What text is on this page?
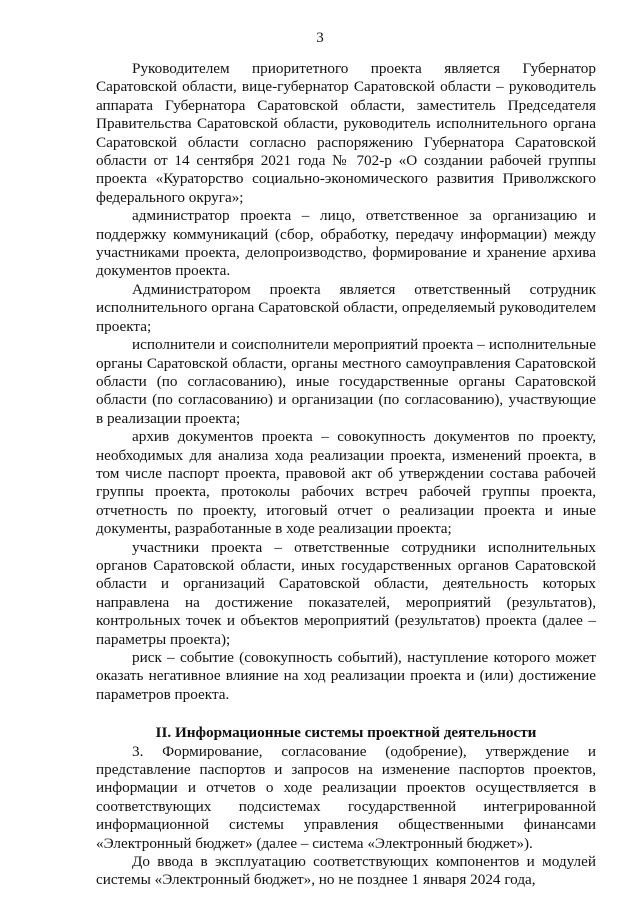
3

Руководителем приоритетного проекта является Губернатор Саратовской области, вице-губернатор Саратовской области – руководитель аппарата Губернатора Саратовской области, заместитель Председателя Правительства Саратовской области, руководитель исполнительного органа Саратовской области согласно распоряжению Губернатора Саратовской области от 14 сентября 2021 года № 702-р «О создании рабочей группы проекта «Кураторство социально-экономического развития Приволжского федерального округа»;

администратор проекта – лицо, ответственное за организацию и поддержку коммуникаций (сбор, обработку, передачу информации) между участниками проекта, делопроизводство, формирование и хранение архива документов проекта.

Администратором проекта является ответственный сотрудник исполнительного органа Саратовской области, определяемый руководителем проекта;

исполнители и соисполнители мероприятий проекта – исполнительные органы Саратовской области, органы местного самоуправления Саратовской области (по согласованию), иные государственные органы Саратовской области (по согласованию) и организации (по согласованию), участвующие в реализации проекта;

архив документов проекта – совокупность документов по проекту, необходимых для анализа хода реализации проекта, изменений проекта, в том числе паспорт проекта, правовой акт об утверждении состава рабочей группы проекта, протоколы рабочих встреч рабочей группы проекта, отчетность по проекту, итоговый отчет о реализации проекта и иные документы, разработанные в ходе реализации проекта;

участники проекта – ответственные сотрудники исполнительных органов Саратовской области, иных государственных органов Саратовской области и организаций Саратовской области, деятельность которых направлена на достижение показателей, мероприятий (результатов), контрольных точек и объектов мероприятий (результатов) проекта (далее – параметры проекта);

риск – событие (совокупность событий), наступление которого может оказать негативное влияние на ход реализации проекта и (или) достижение параметров проекта.

II. Информационные системы проектной деятельности

3. Формирование, согласование (одобрение), утверждение и представление паспортов и запросов на изменение паспортов проектов, информации и отчетов о ходе реализации проектов осуществляется в соответствующих подсистемах государственной интегрированной информационной системы управления общественными финансами «Электронный бюджет» (далее – система «Электронный бюджет»).

До ввода в эксплуатацию соответствующих компонентов и модулей системы «Электронный бюджет», но не позднее 1 января 2024 года,
